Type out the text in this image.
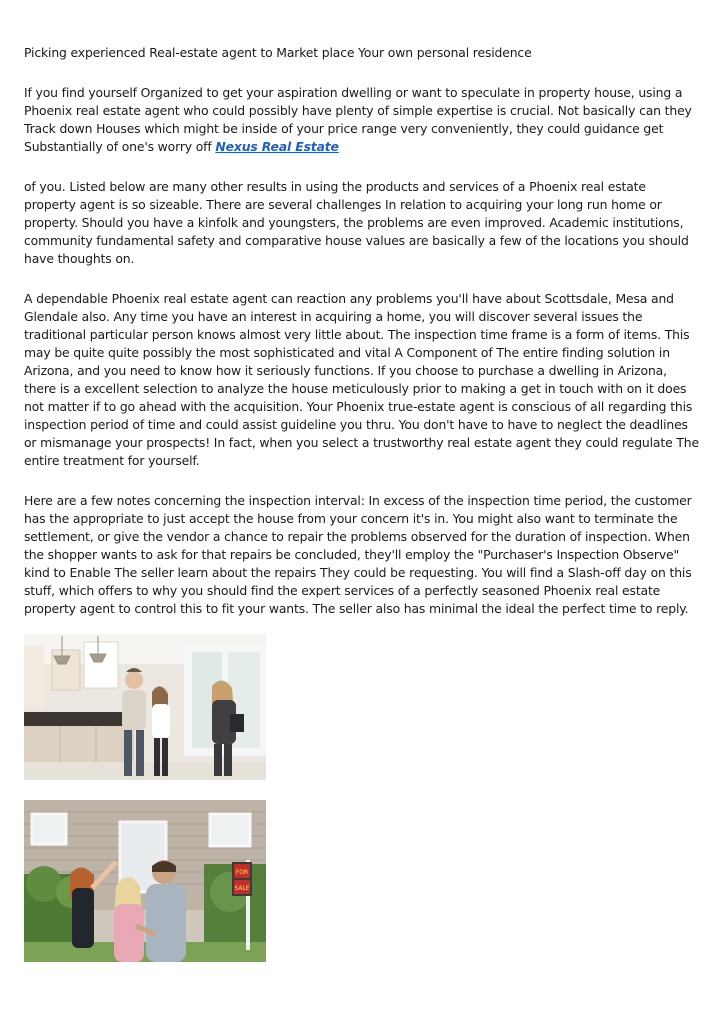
Picking experienced Real-estate agent to Market place Your own personal residence

If you find yourself Organized to get your aspiration dwelling or want to speculate in property house, using a Phoenix real estate agent who could possibly have plenty of simple expertise is crucial. Not basically can they Track down Houses which might be inside of your price range very conveniently, they could guidance get Substantially of one's worry off Nexus Real Estate

of you. Listed below are many other results in using the products and services of a Phoenix real estate property agent is so sizeable. There are several challenges In relation to acquiring your long run home or property. Should you have a kinfolk and youngsters, the problems are even improved. Academic institutions, community fundamental safety and comparative house values are basically a few of the locations you should have thoughts on.

A dependable Phoenix real estate agent can reaction any problems you'll have about Scottsdale, Mesa and Glendale also. Any time you have an interest in acquiring a home, you will discover several issues the traditional particular person knows almost very little about. The inspection time frame is a form of items. This may be quite quite possibly the most sophisticated and vital A Component of The entire finding solution in Arizona, and you need to know how it seriously functions. If you choose to purchase a dwelling in Arizona, there is a excellent selection to analyze the house meticulously prior to making a get in touch with on it does not matter if to go ahead with the acquisition. Your Phoenix true-estate agent is conscious of all regarding this inspection period of time and could assist guideline you thru. You don't have to have to neglect the deadlines or mismanage your prospects! In fact, when you select a trustworthy real estate agent they could regulate The entire treatment for yourself.

Here are a few notes concerning the inspection interval: In excess of the inspection time period, the customer has the appropriate to just accept the house from your concern it's in. You might also want to terminate the settlement, or give the vendor a chance to repair the problems observed for the duration of inspection. When the shopper wants to ask for that repairs be concluded, they'll employ the "Purchaser's Inspection Observe" kind to Enable The seller learn about the repairs They could be requesting. You will find a Slash-off day on this stuff, which offers to why you should find the expert services of a perfectly seasoned Phoenix real estate property agent to control this to fit your wants. The seller also has minimal the ideal the perfect time to reply.

FOR
SALE
